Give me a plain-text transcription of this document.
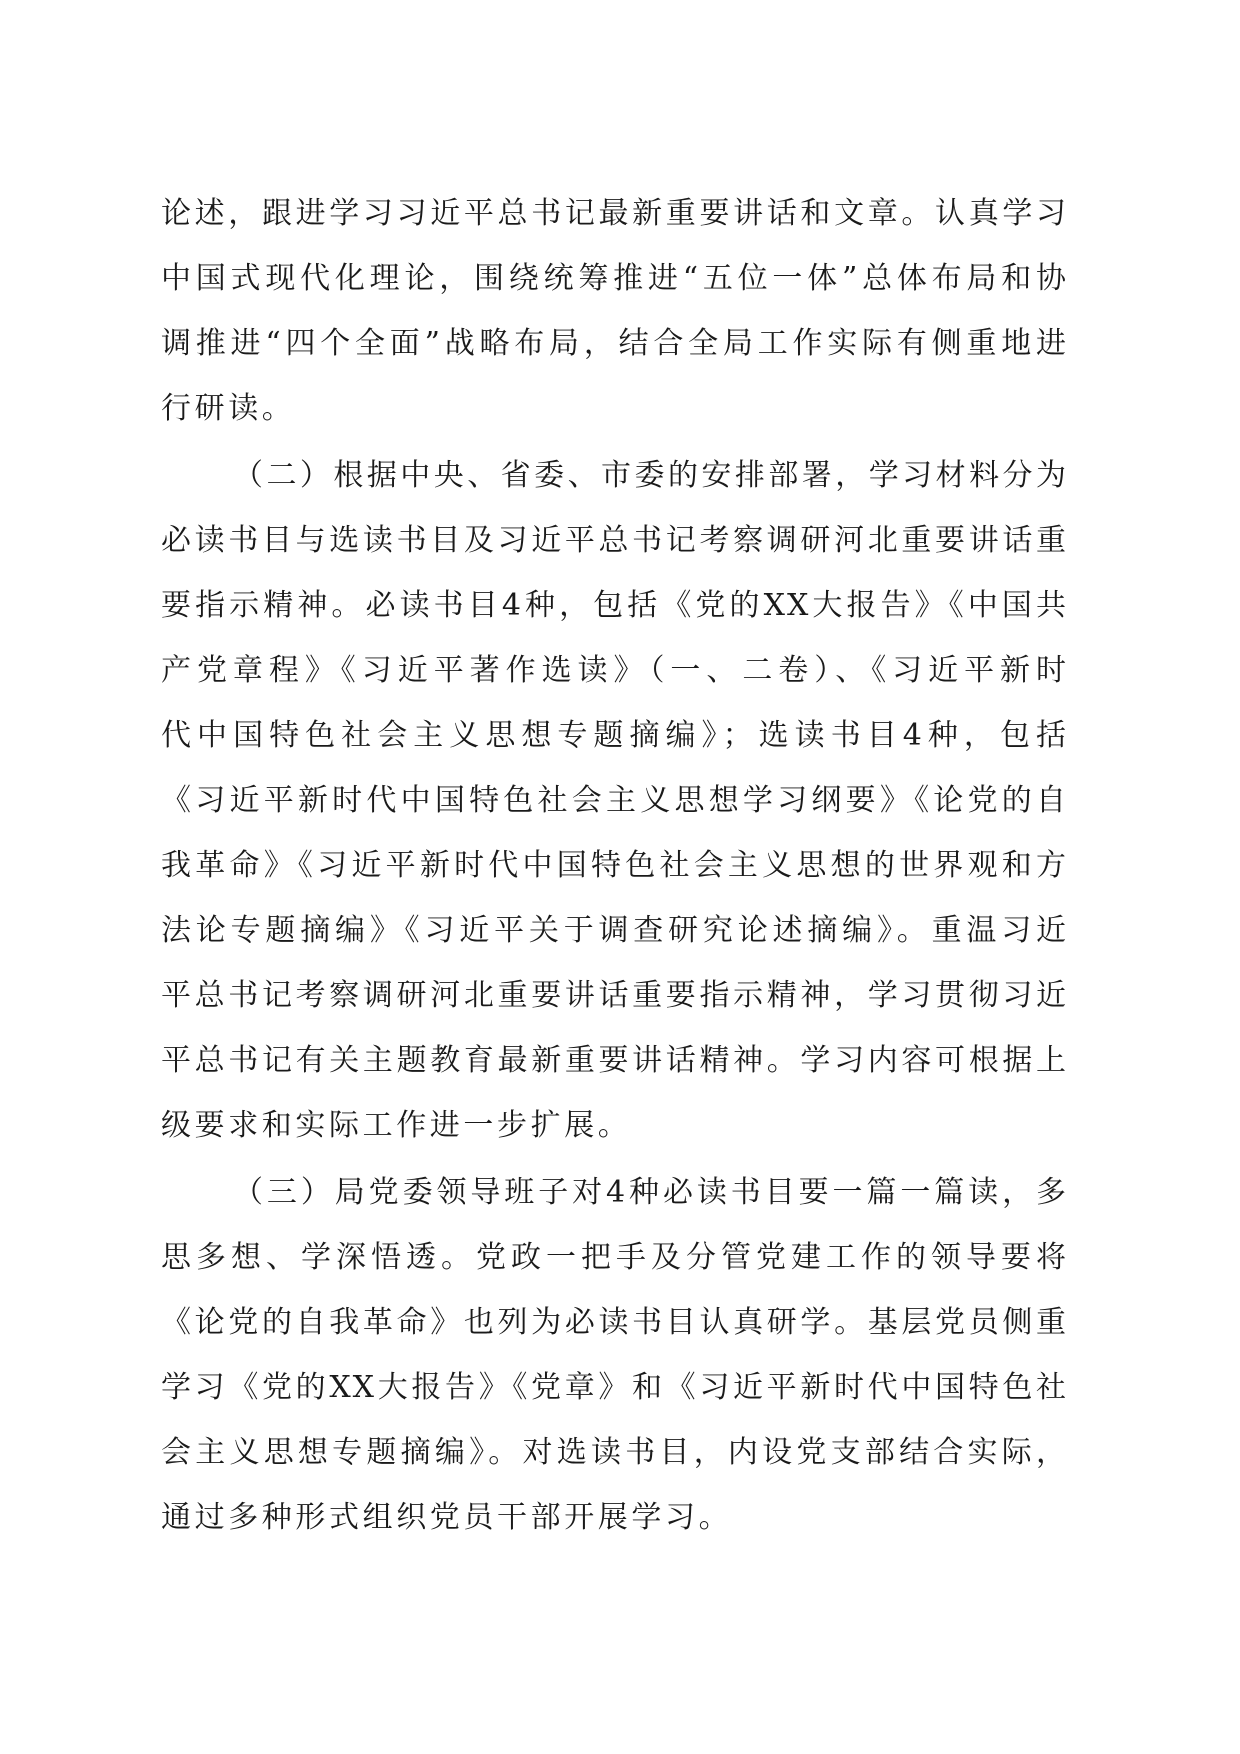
论述，跟进学习习近平总书记最新重要讲话和文章。认真学习
中国式现代化理论，围绕统筹推进“五位一体”总体布局和协
调推进“四个全面”战略布局，结合全局工作实际有侧重地进
行研读。
（二）根据中央、省委、市委的安排部署，学习材料分为
必读书目与选读书目及习近平总书记考察调研河北重要讲话重
要指示精神。必读书目4种，包括《党的XX大报告》《中国共
产党章程》《习近平著作选读》（一、二卷）、《习近平新时
代中国特色社会主义思想专题摘编》；选读书目4种，包括
《习近平新时代中国特色社会主义思想学习纲要》《论党的自
我革命》《习近平新时代中国特色社会主义思想的世界观和方
法论专题摘编》《习近平关于调查研究论述摘编》。重温习近
平总书记考察调研河北重要讲话重要指示精神，学习贯彻习近
平总书记有关主题教育最新重要讲话精神。学习内容可根据上
级要求和实际工作进一步扩展。
（三）局党委领导班子对4种必读书目要一篇一篇读，多
思多想、学深悟透。党政一把手及分管党建工作的领导要将
《论党的自我革命》也列为必读书目认真研学。基层党员侧重
学习《党的XX大报告》《党章》和《习近平新时代中国特色社
会主义思想专题摘编》。对选读书目，内设党支部结合实际，
通过多种形式组织党员干部开展学习。
